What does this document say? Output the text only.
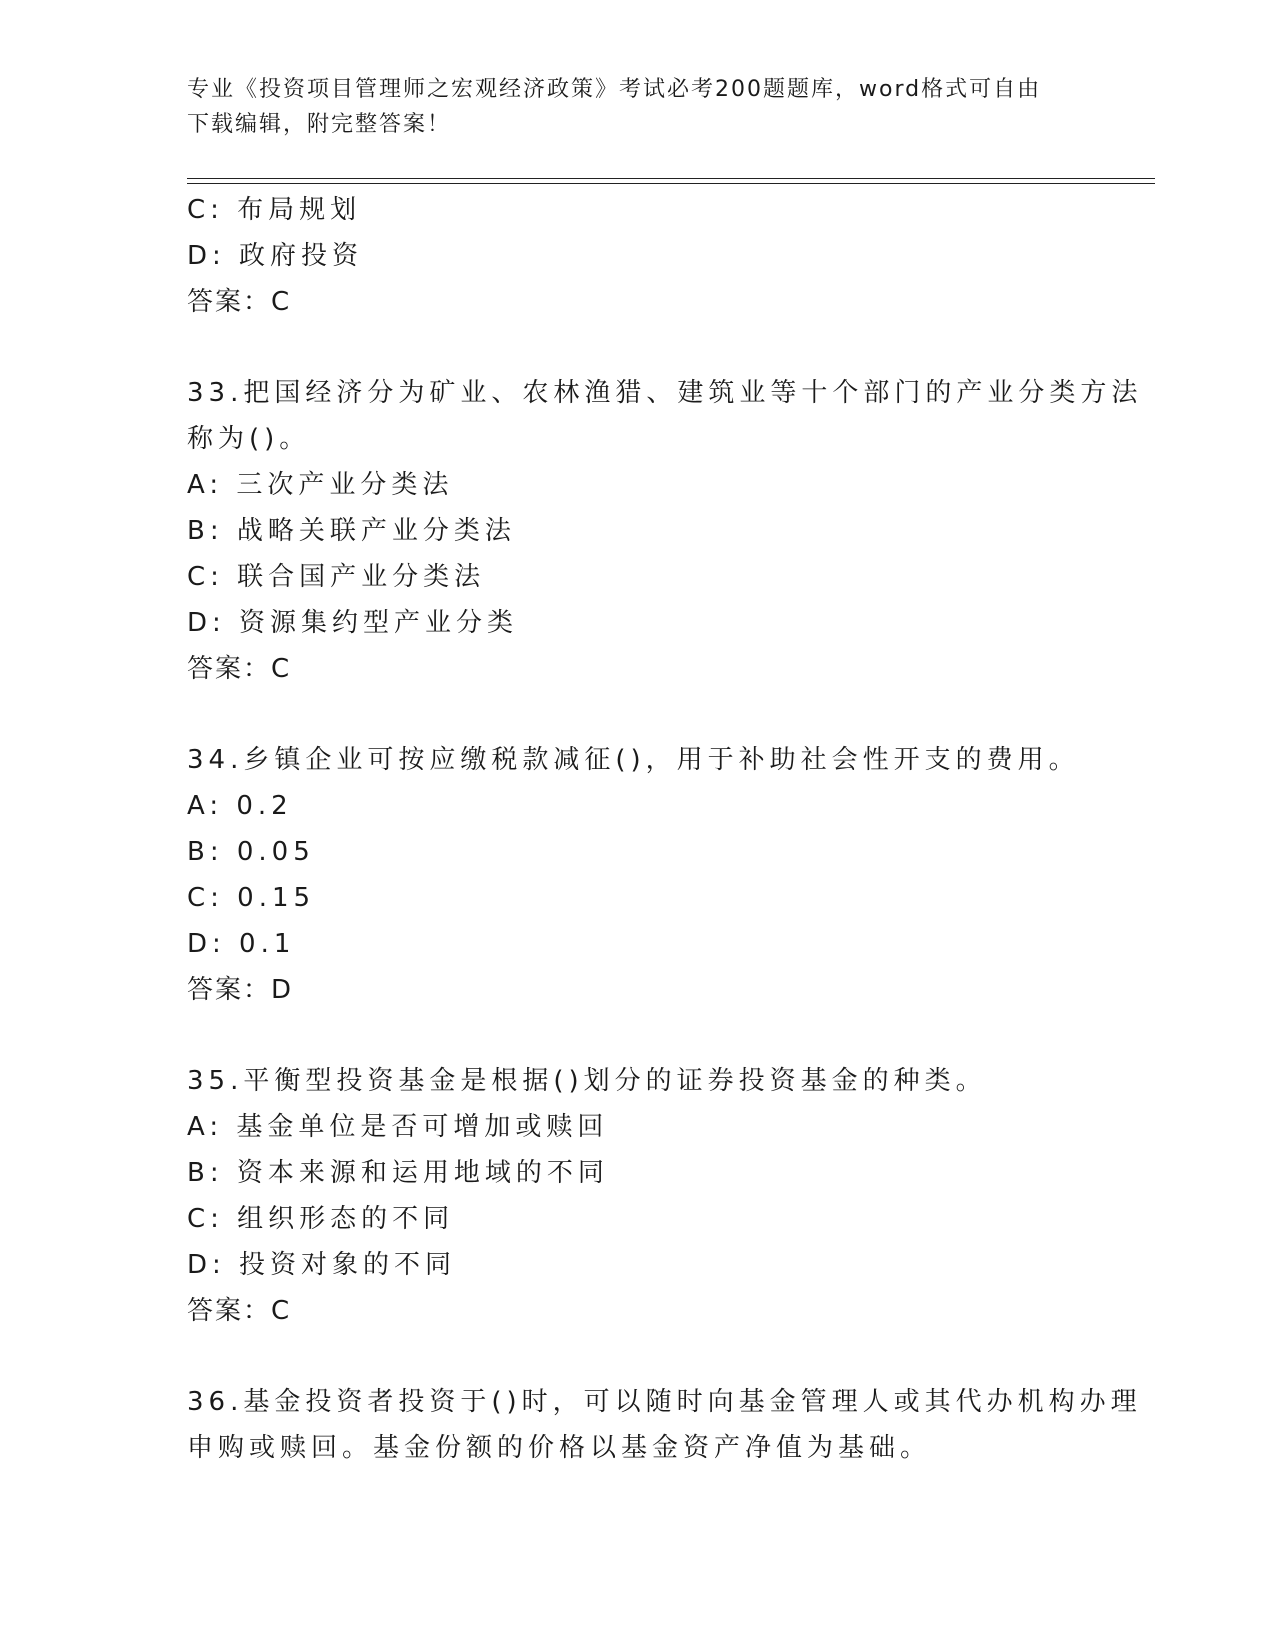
专业《投资项目管理师之宏观经济政策》考试必考200题题库，word格式可自由
下载编辑，附完整答案！
C: 布局规划
D: 政府投资
答案：C
33.把国经济分为矿业、农林渔猎、建筑业等十个部门的产业分类方法
称为()。
A: 三次产业分类法
B: 战略关联产业分类法
C: 联合国产业分类法
D: 资源集约型产业分类
答案：C
34.乡镇企业可按应缴税款减征()，用于补助社会性开支的费用。
A: 0.2
B: 0.05
C: 0.15
D: 0.1
答案：D
35.平衡型投资基金是根据()划分的证券投资基金的种类。
A: 基金单位是否可增加或赎回
B: 资本来源和运用地域的不同
C: 组织形态的不同
D: 投资对象的不同
答案：C
36.基金投资者投资于()时，可以随时向基金管理人或其代办机构办理
申购或赎回。基金份额的价格以基金资产净值为基础。
